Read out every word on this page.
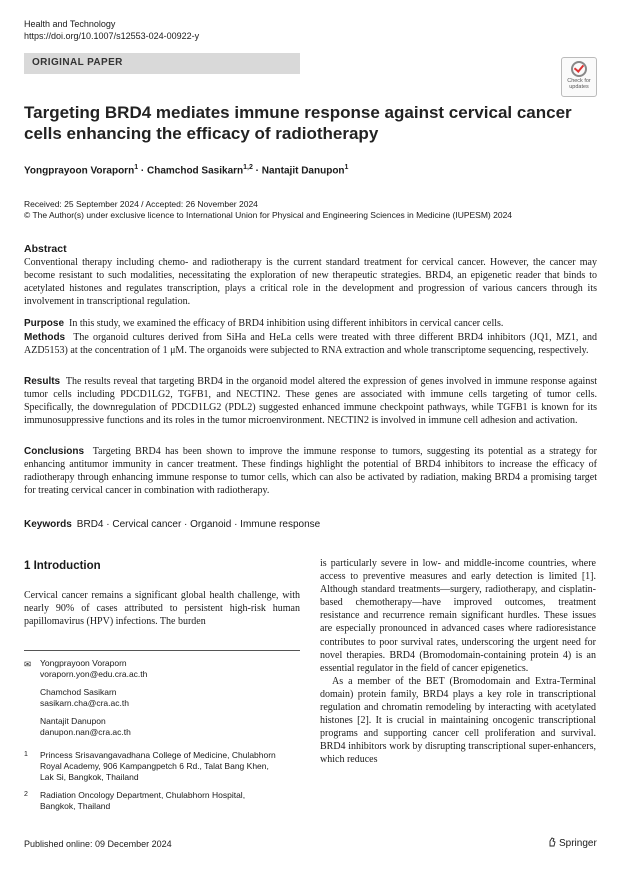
Health and Technology
https://doi.org/10.1007/s12553-024-00922-y
ORIGINAL PAPER
Check for
updates
Targeting BRD4 mediates immune response against cervical cancer cells enhancing the efficacy of radiotherapy
Yongprayoon Voraporn$^1$ · Chamchod Sasikarn$^{1,2}$ · Nantajit Danupon$^1$
Received: 25 September 2024 / Accepted: 26 November 2024
© The Author(s) under exclusive licence to International Union for Physical and Engineering Sciences in Medicine (IUPESM) 2024
Abstract
Conventional therapy including chemo- and radiotherapy is the current standard treatment for cervical cancer. However, the cancer may become resistant to such modalities, necessitating the exploration of new therapeutic strategies. BRD4, an epigenetic reader that binds to acetylated histones and regulates transcription, plays a critical role in the development and progression of various cancers through its involvement in transcriptional regulation.
Purpose In this study, we examined the efficacy of BRD4 inhibition using different inhibitors in cervical cancer cells.
Methods The organoid cultures derived from SiHa and HeLa cells were treated with three different BRD4 inhibitors (JQ1, MZ1, and AZD5153) at the concentration of 1 μM. The organoids were subjected to RNA extraction and whole transcriptome sequencing, respectively.
Results The results reveal that targeting BRD4 in the organoid model altered the expression of genes involved in immune response against tumor cells including PDCD1LG2, TGFB1, and NECTIN2. These genes are associated with immune cells targeting of tumor cells. Specifically, the downregulation of PDCD1LG2 (PDL2) suggested enhanced immune checkpoint pathways, while TGFB1 is known for its immunosuppressive functions and its roles in the tumor microenvironment. NECTIN2 is involved in immune cell adhesion and activation.
Conclusions Targeting BRD4 has been shown to improve the immune response to tumors, suggesting its potential as a strategy for enhancing antitumor immunity in cancer treatment. These findings highlight the potential of BRD4 inhibitors to increase the efficacy of radiotherapy through enhancing immune response to tumor cells, which can also be activated by radiation, making BRD4 a promising target for treating cervical cancer in combination with radiotherapy.
Keywords BRD4 · Cervical cancer · Organoid · Immune response
1 Introduction
Cervical cancer remains a significant global health challenge, with nearly 90% of cases attributed to persistent high-risk human papillomavirus (HPV) infections. The burden
is particularly severe in low- and middle-income countries, where access to preventive measures and early detection is limited [1]. Although standard treatments—surgery, radiotherapy, and cisplatin-based chemotherapy—have improved outcomes, treatment resistance and recurrence remain significant hurdles. These issues are especially pronounced in advanced cases where radioresistance contributes to poor survival rates, underscoring the urgent need for novel therapies. BRD4 (Bromodomain-containing protein 4) is an essential regulator in the field of cancer epigenetics.
As a member of the BET (Bromodomain and Extra-Terminal domain) protein family, BRD4 plays a key role in transcriptional regulation and chromatin remodeling by interacting with acetylated histones [2]. It is crucial in maintaining oncogenic transcriptional programs and supporting cancer cell proliferation and survival. BRD4 inhibitors work by disrupting transcriptional super-enhancers, which reduces
✉ Yongprayoon Voraporn
voraporn.yon@edu.cra.ac.th
Chamchod Sasikarn
sasikarn.cha@cra.ac.th
Nantajit Danupon
danupon.nan@cra.ac.th
1 Princess Srisavangavadhana College of Medicine, Chulabhorn Royal Academy, 906 Kampangpetch 6 Rd., Talat Bang Khen, Lak Si, Bangkok, Thailand
2 Radiation Oncology Department, Chulabhorn Hospital, Bangkok, Thailand
Published online: 09 December 2024	Springer
